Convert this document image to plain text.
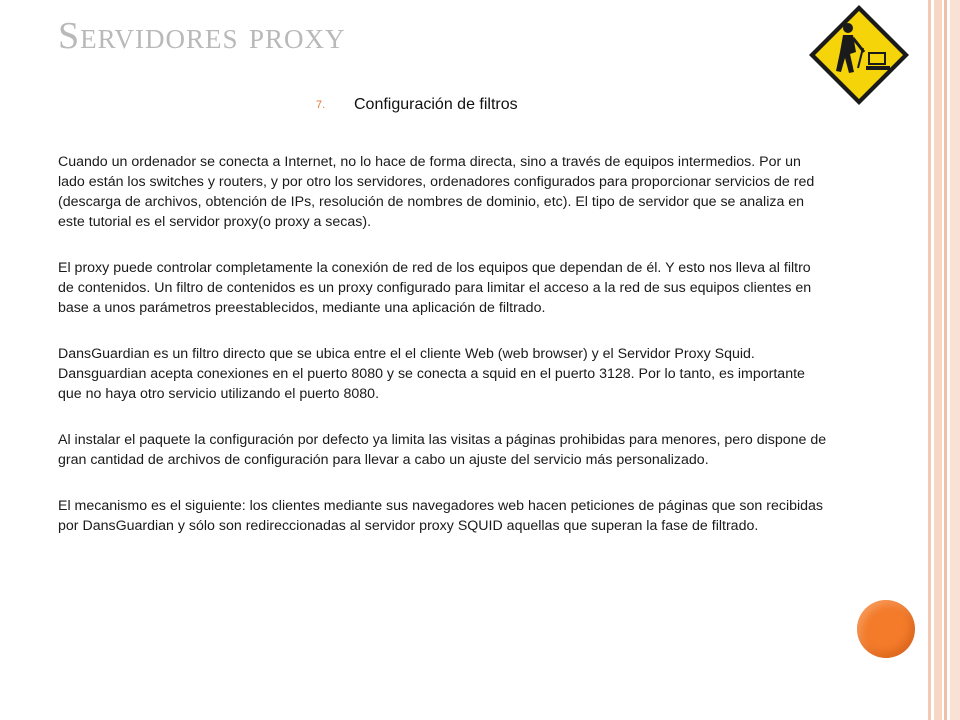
Servidores proxy
7. Configuración de filtros

Cuando un ordenador se conecta a Internet, no lo hace de forma directa, sino a través de equipos intermedios. Por un lado están los switches y routers, y por otro los servidores, ordenadores configurados para proporcionar servicios de red (descarga de archivos, obtención de IPs, resolución de nombres de dominio, etc). El tipo de servidor que se analiza en este tutorial es el servidor proxy(o proxy a secas).

El proxy puede controlar completamente la conexión de red de los equipos que dependan de él. Y esto nos lleva al filtro de contenidos. Un filtro de contenidos es un proxy configurado para limitar el acceso a la red de sus equipos clientes en base a unos parámetros preestablecidos, mediante una aplicación de filtrado.

DansGuardian es un filtro directo que se ubica entre el el cliente Web (web browser) y el Servidor Proxy Squid. Dansguardian acepta conexiones en el puerto 8080 y se conecta a squid en el puerto 3128. Por lo tanto, es importante que no haya otro servicio utilizando el puerto 8080.

Al instalar el paquete la configuración por defecto ya limita las visitas a páginas prohibidas para menores, pero dispone de gran cantidad de archivos de configuración para llevar a cabo un ajuste del servicio más personalizado.

El mecanismo es el siguiente: los clientes mediante sus navegadores web hacen peticiones de páginas que son recibidas por DansGuardian y sólo son redireccionadas al servidor proxy SQUID aquellas que superan la fase de filtrado.
